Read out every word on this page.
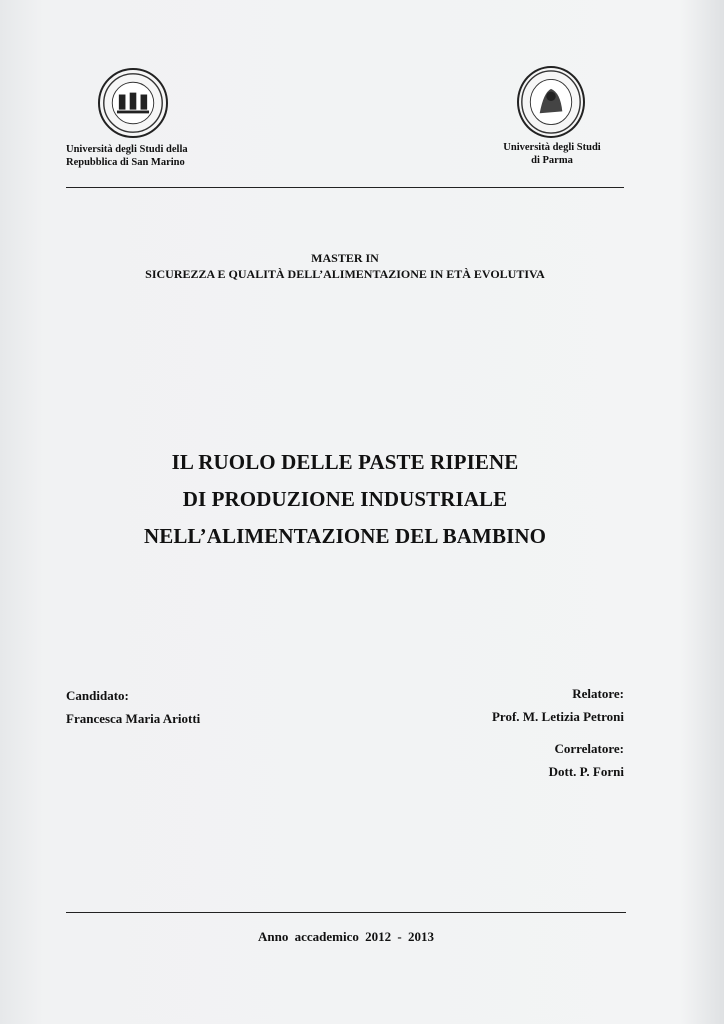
Università degli Studi della
Repubblica di San Marino
Università degli Studi
di Parma
MASTER IN
SICUREZZA E QUALITÀ DELL’ALIMENTAZIONE IN ETÀ EVOLUTIVA
IL RUOLO DELLE PASTE RIPIENE
DI PRODUZIONE INDUSTRIALE
NELL’ALIMENTAZIONE DEL BAMBINO
Candidato:
Francesca Maria Ariotti
Relatore:
Prof. M. Letizia Petroni
Correlatore:
Dott. P. Forni
Anno accademico 2012 - 2013
